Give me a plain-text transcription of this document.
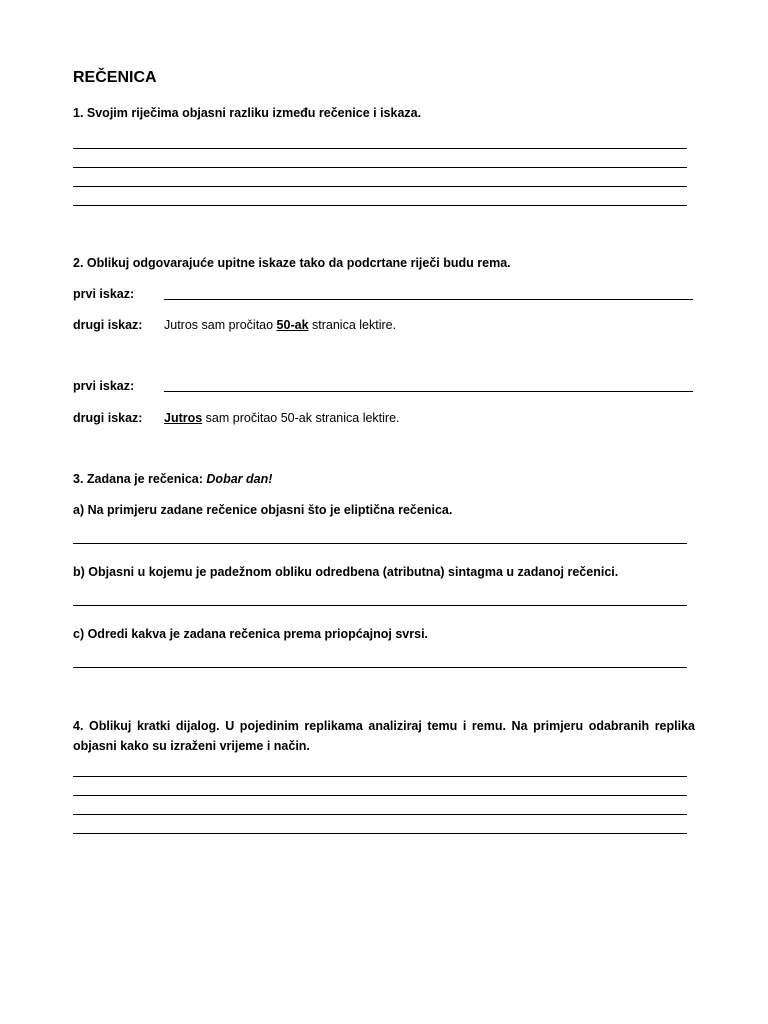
REČENICA
1. Svojim riječima objasni razliku između rečenice i iskaza.
2. Oblikuj odgovarajuće upitne iskaze tako da podcrtane riječi budu rema.
prvi iskaz:
drugi iskaz: Jutros sam pročitao 50-ak stranica lektire.
prvi iskaz:
drugi iskaz: Jutros sam pročitao 50-ak stranica lektire.
3. Zadana je rečenica: Dobar dan!
a) Na primjeru zadane rečenice objasni što je eliptična rečenica.
b) Objasni u kojemu je padežnom obliku odredbena (atributna) sintagma u zadanoj rečenici.
c) Odredi kakva je zadana rečenica prema priopćajnoj svrsi.
4. Oblikuj kratki dijalog. U pojedinim replikama analiziraj temu i remu. Na primjeru odabranih replika objasni kako su izraženi vrijeme i način.
